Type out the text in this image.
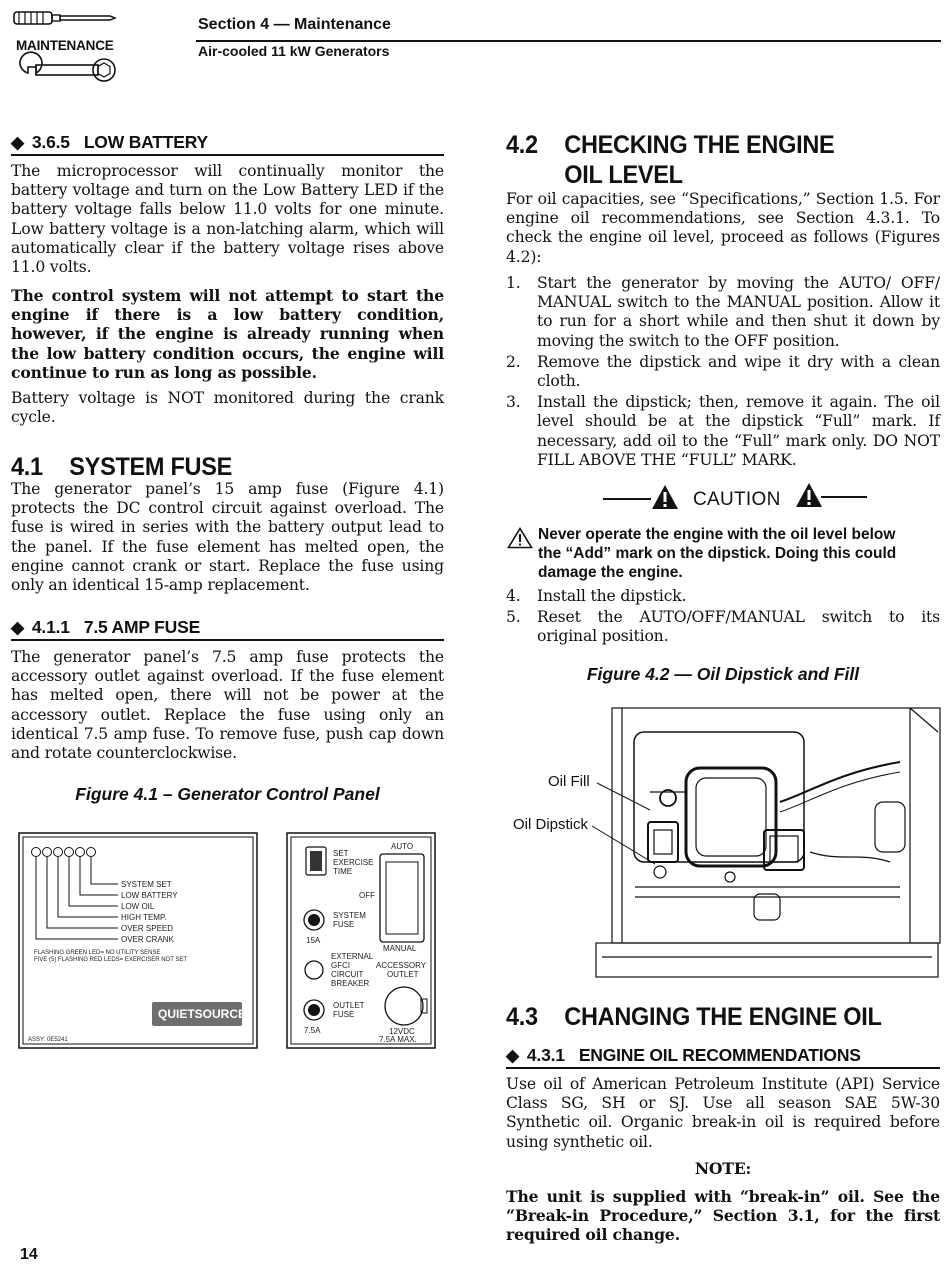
MAINTENANCE
Section 4 — Maintenance
Air-cooled 11 kW Generators
◆ 3.6.5 LOW BATTERY
The microprocessor will continually monitor the battery voltage and turn on the Low Battery LED if the battery voltage falls below 11.0 volts for one minute. Low battery voltage is a non-latching alarm, which will automatically clear if the battery voltage rises above 11.0 volts.
The control system will not attempt to start the engine if there is a low battery condition, however, if the engine is already running when the low battery condition occurs, the engine will continue to run as long as possible.
Battery voltage is NOT monitored during the crank cycle.
4.1 SYSTEM FUSE
The generator panel’s 15 amp fuse (Figure 4.1) protects the DC control circuit against overload. The fuse is wired in series with the battery output lead to the panel. If the fuse element has melted open, the engine cannot crank or start. Replace the fuse using only an identical 15-amp replacement.
◆ 4.1.1 7.5 AMP FUSE
The generator panel’s 7.5 amp fuse protects the accessory outlet against overload. If the fuse element has melted open, there will not be power at the accessory outlet. Replace the fuse using only an identical 7.5 amp fuse. To remove fuse, push cap down and rotate counterclockwise.
Figure 4.1 – Generator Control Panel
SYSTEM SET
LOW BATTERY
LOW OIL
HIGH TEMP.
OVER SPEED
OVER CRANK
FLASHING GREEN LED= NO UTILITY SENSE
FIVE (5) FLASHING RED LEDS= EXERCISER NOT SET
QUIETSOURCE
ASSY: 0E5241
SET
EXERCISE
TIME
AUTO
OFF
MANUAL
SYSTEM
FUSE
15A
EXTERNAL
GFCI
CIRCUIT
BREAKER
ACCESSORY
OUTLET
OUTLET
FUSE
7.5A	12VDC
7.5A MAX.
4.2 CHECKING THE ENGINE
OIL LEVEL
For oil capacities, see “Specifications,” Section 1.5. For engine oil recommendations, see Section 4.3.1. To check the engine oil level, proceed as follows (Figures 4.2):
1. Start the generator by moving the AUTO/ OFF/ MANUAL switch to the MANUAL position. Allow it to run for a short while and then shut it down by moving the switch to the OFF position.
2. Remove the dipstick and wipe it dry with a clean cloth.
3. Install the dipstick; then, remove it again. The oil level should be at the dipstick “Full” mark. If necessary, add oil to the “Full” mark only. DO NOT FILL ABOVE THE “FULL” MARK.
CAUTION
Never operate the engine with the oil level below the “Add” mark on the dipstick. Doing this could damage the engine.
4. Install the dipstick.
5. Reset the AUTO/OFF/MANUAL switch to its original position.
Figure 4.2 — Oil Dipstick and Fill
Oil Fill
Oil Dipstick
4.3 CHANGING THE ENGINE OIL
◆ 4.3.1 ENGINE OIL RECOMMENDATIONS
Use oil of American Petroleum Institute (API) Service Class SG, SH or SJ. Use all season SAE 5W-30 Synthetic oil. Organic break-in oil is required before using synthetic oil.
NOTE:
The unit is supplied with “break-in” oil. See the “Break-in Procedure,” Section 3.1, for the first required oil change.
14
